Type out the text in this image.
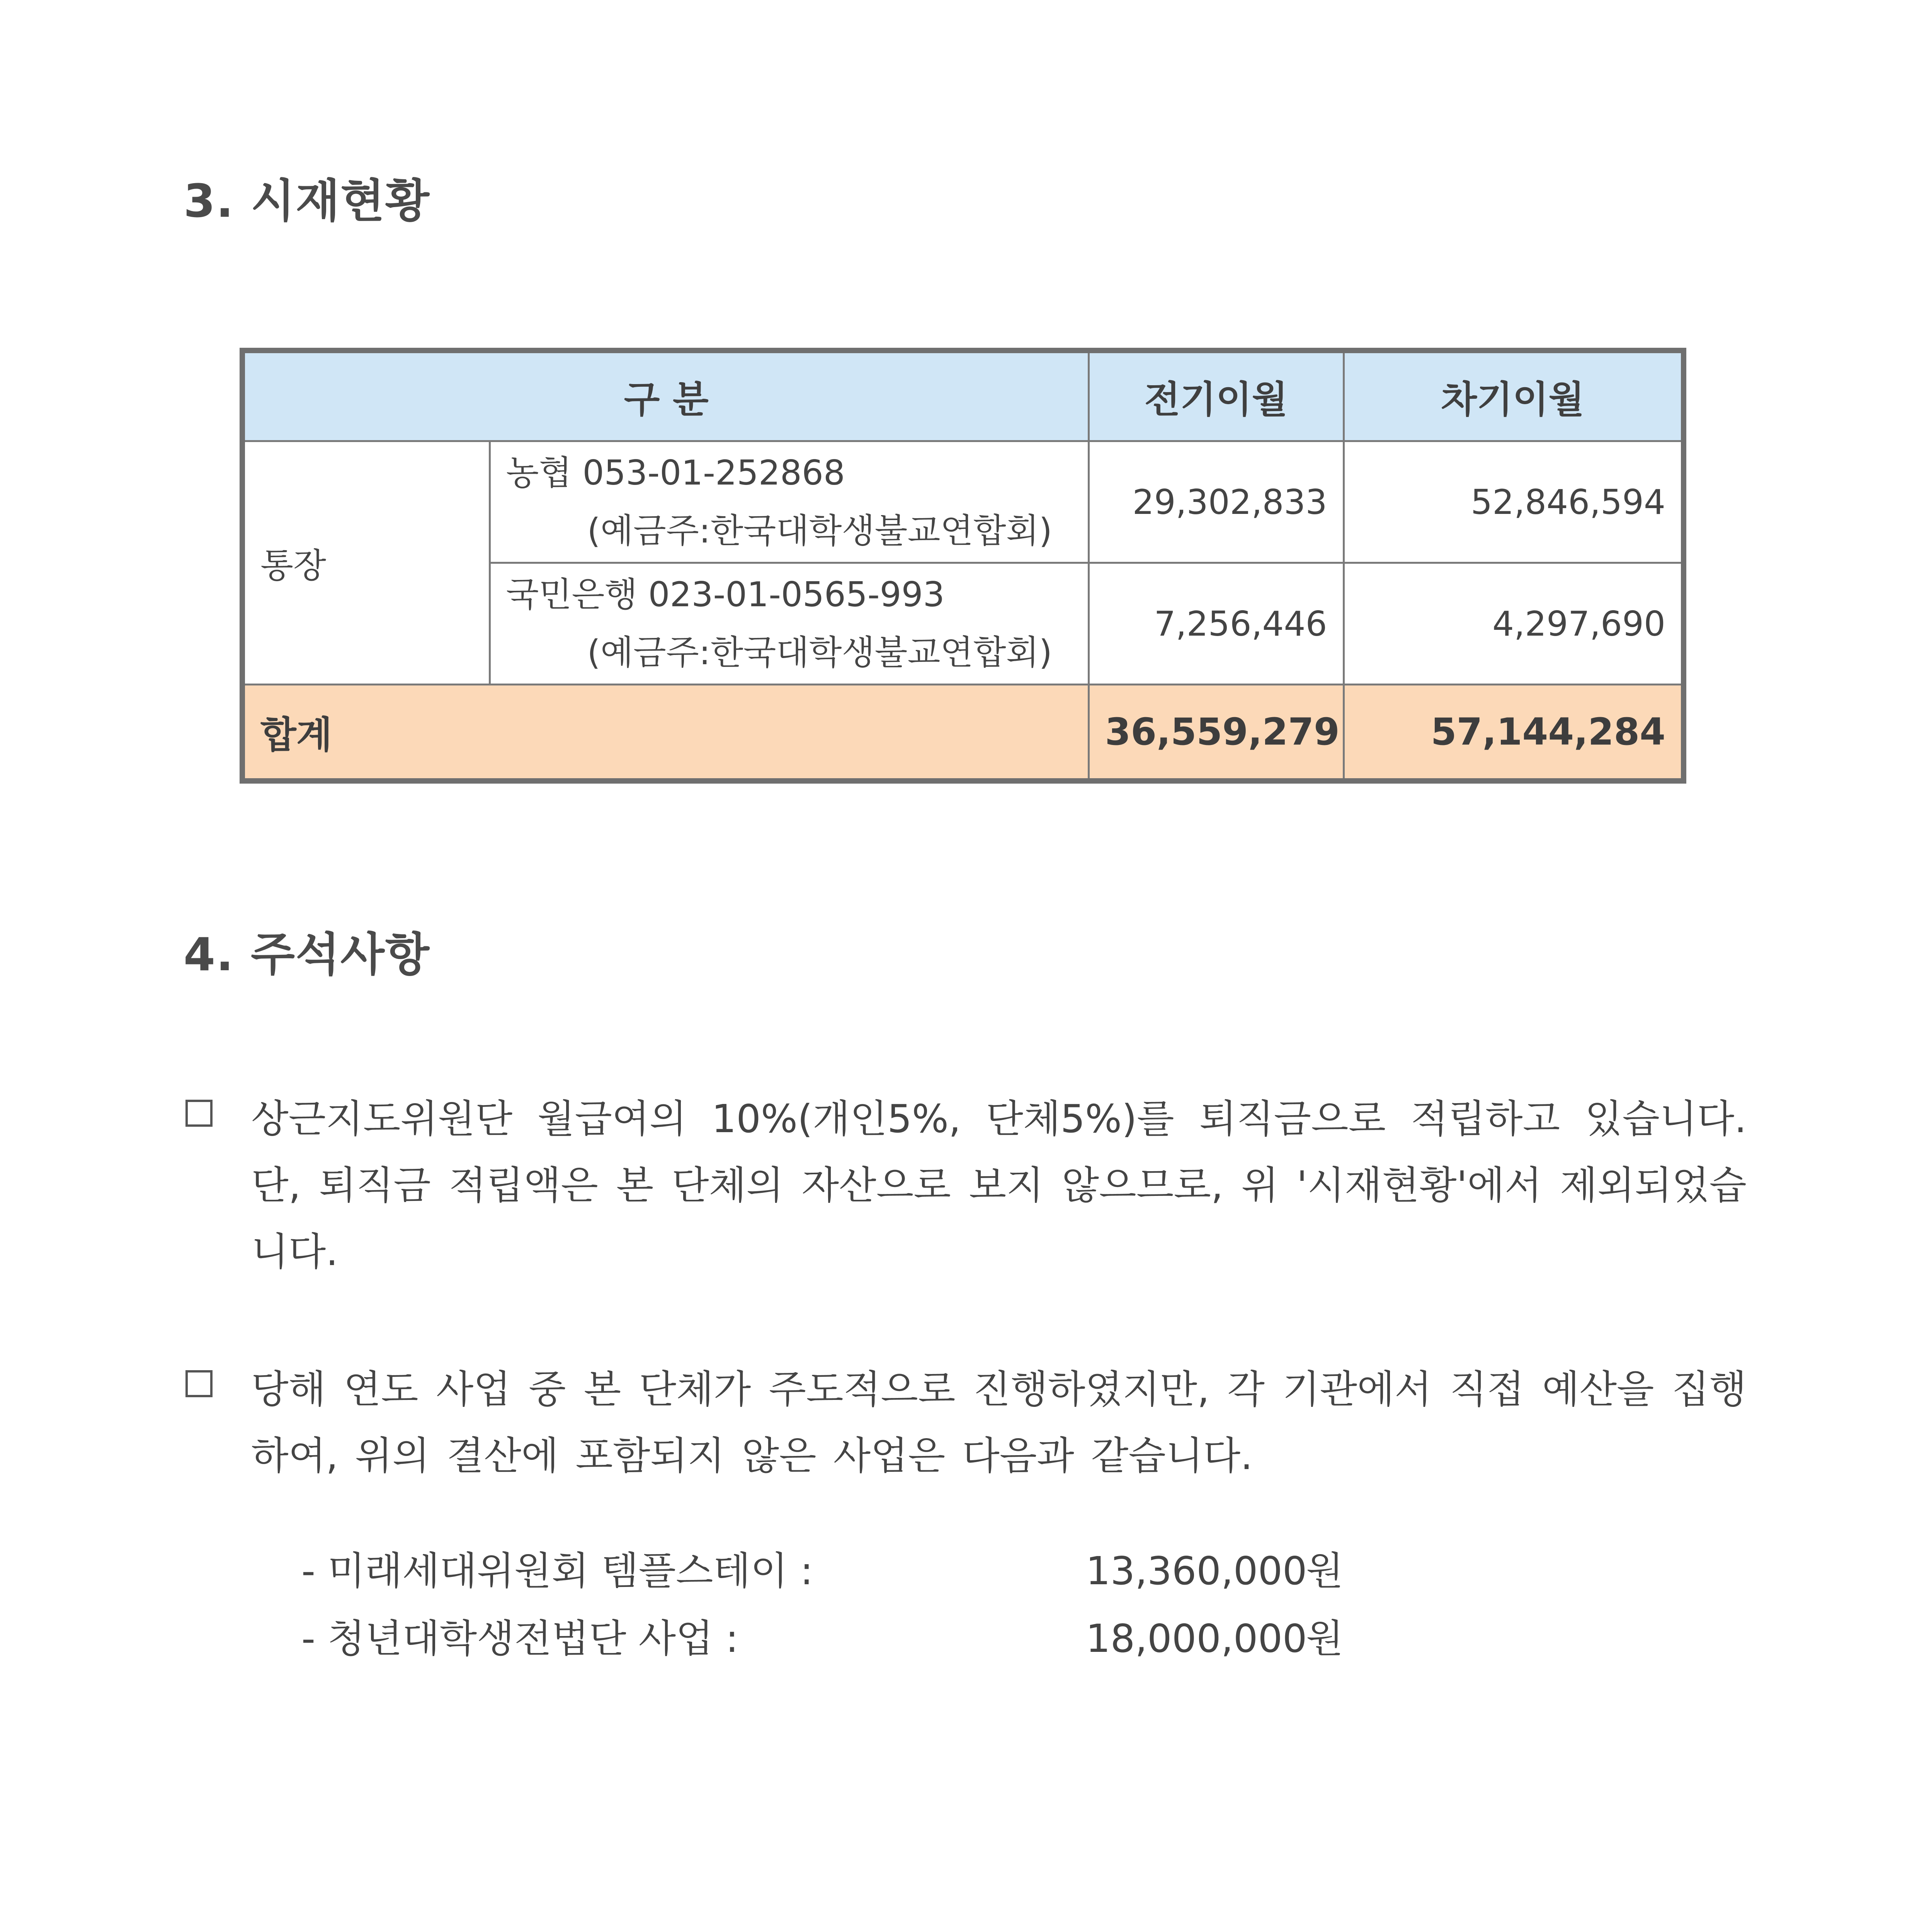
3. 시재현황
구 분		전기이월	차기이월
통장	농협 053-01-252868
(예금주:한국대학생불교연합회)	29,302,833	52,846,594
	국민은행 023-01-0565-993
(예금주:한국대학생불교연합회)	7,256,446	4,297,690
합계		36,559,279	57,144,284
4. 주석사항
상근지도위원단 월급여의 10%(개인5%, 단체5%)를 퇴직금으로 적립하고 있습니다. 단, 퇴직금 적립액은 본 단체의 자산으로 보지 않으므로, 위 '시재현황'에서 제외되었습니다.
당해 연도 사업 중 본 단체가 주도적으로 진행하였지만, 각 기관에서 직접 예산을 집행하여, 위의 결산에 포함되지 않은 사업은 다음과 같습니다.
- 미래세대위원회 템플스테이 :	13,360,000
원
- 청년대학생전법단 사업 :	18,000,000
원
